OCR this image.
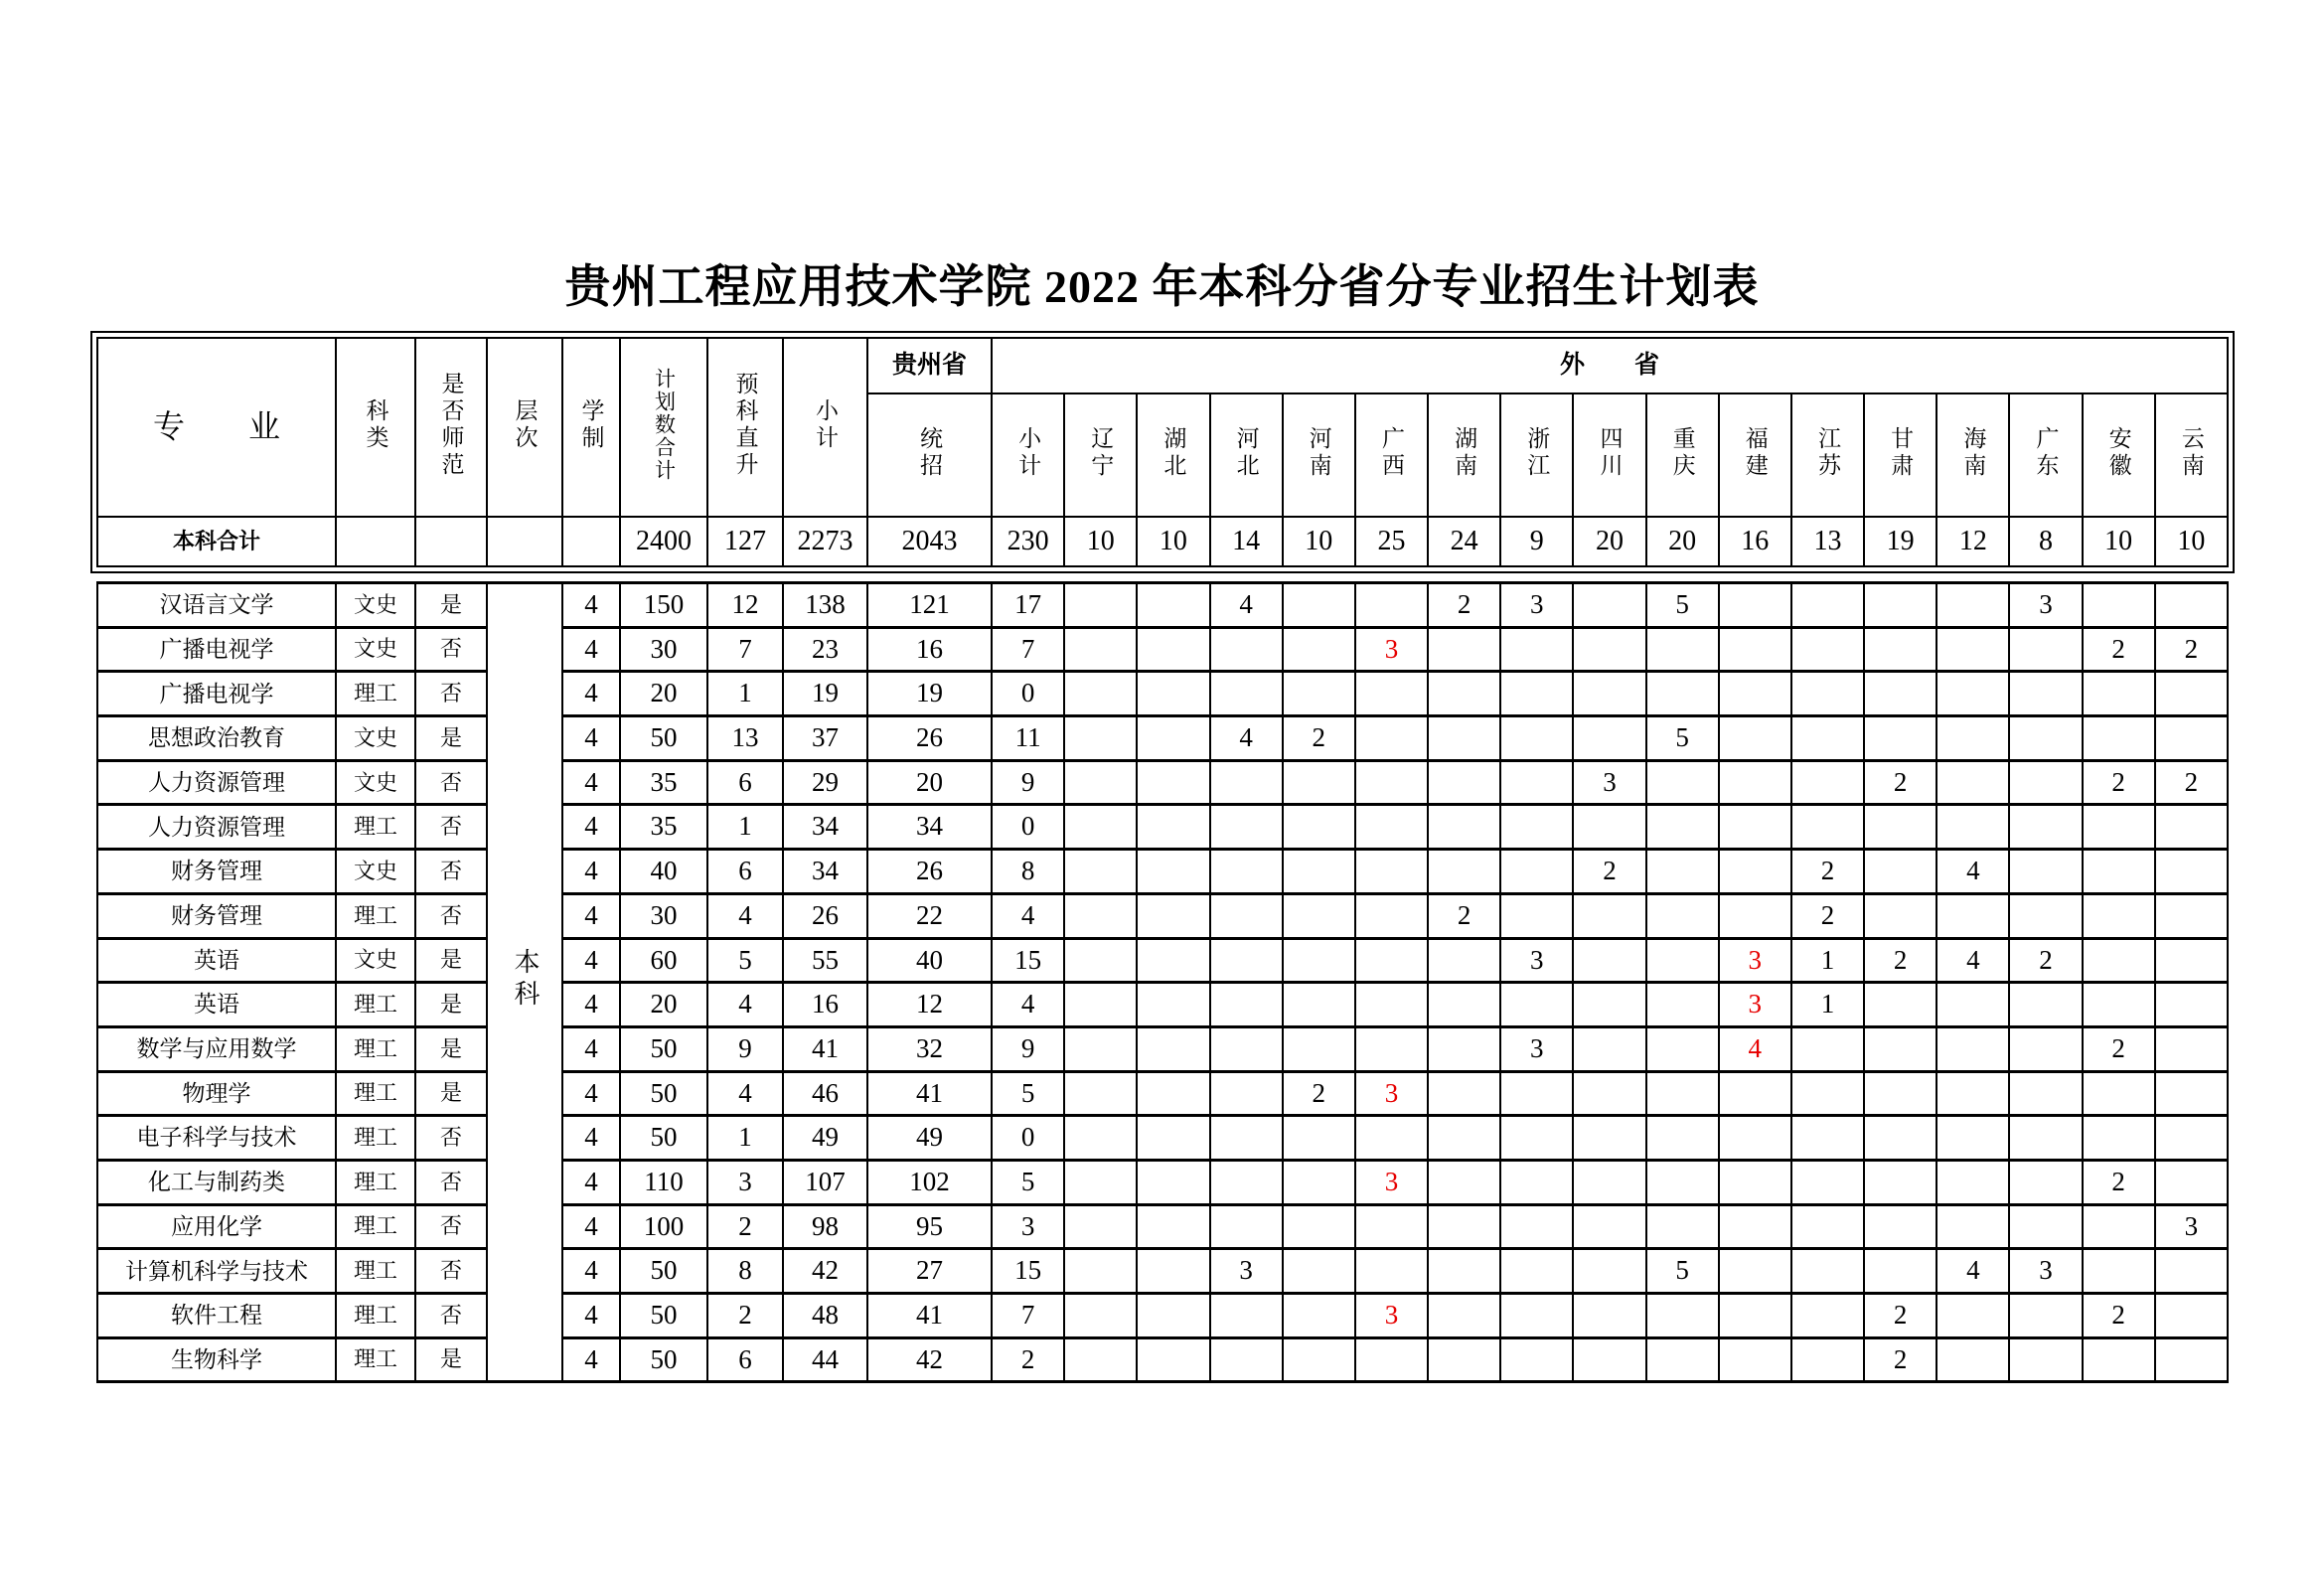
贵州工程应用技术学院 2022 年本科分省分专业招生计划表
专　　业	科类	是否师范	层次	学制	计划数合计	预科直升	小计	贵州省	外　　省																
								统招	小计	辽宁	湖北	河北	河南	广西	湖南	浙江	四川	重庆	福建	江苏	甘肃	海南	广东	安徽	云南
本科合计					2400	127	2273	2043	230	10	10	14	10	25	24	9	20	20	16	13	19	12	8	10	10
汉语言文学	文史	是	本科	4	150	12	138	121	17			4			2	3		5					3		
广播电视学	文史	否		4	30	7	23	16	7					3										2	2
广播电视学	理工	否		4	20	1	19	19	0																
思想政治教育	文史	是		4	50	13	37	26	11			4	2					5							
人力资源管理	文史	否		4	35	6	29	20	9								3				2			2	2
人力资源管理	理工	否		4	35	1	34	34	0																
财务管理	文史	否		4	40	6	34	26	8								2			2		4			
财务管理	理工	否		4	30	4	26	22	4						2					2					
英语	文史	是		4	60	5	55	40	15							3			3	1	2	4	2		
英语	理工	是		4	20	4	16	12	4										3	1					
数学与应用数学	理工	是		4	50	9	41	32	9							3			4					2	
物理学	理工	是		4	50	4	46	41	5				2	3											
电子科学与技术	理工	否		4	50	1	49	49	0																
化工与制药类	理工	否		4	110	3	107	102	5					3										2	
应用化学	理工	否		4	100	2	98	95	3																3
计算机科学与技术	理工	否		4	50	8	42	27	15			3						5				4	3		
软件工程	理工	否		4	50	2	48	41	7					3							2			2	
生物科学	理工	是		4	50	6	44	42	2												2				
